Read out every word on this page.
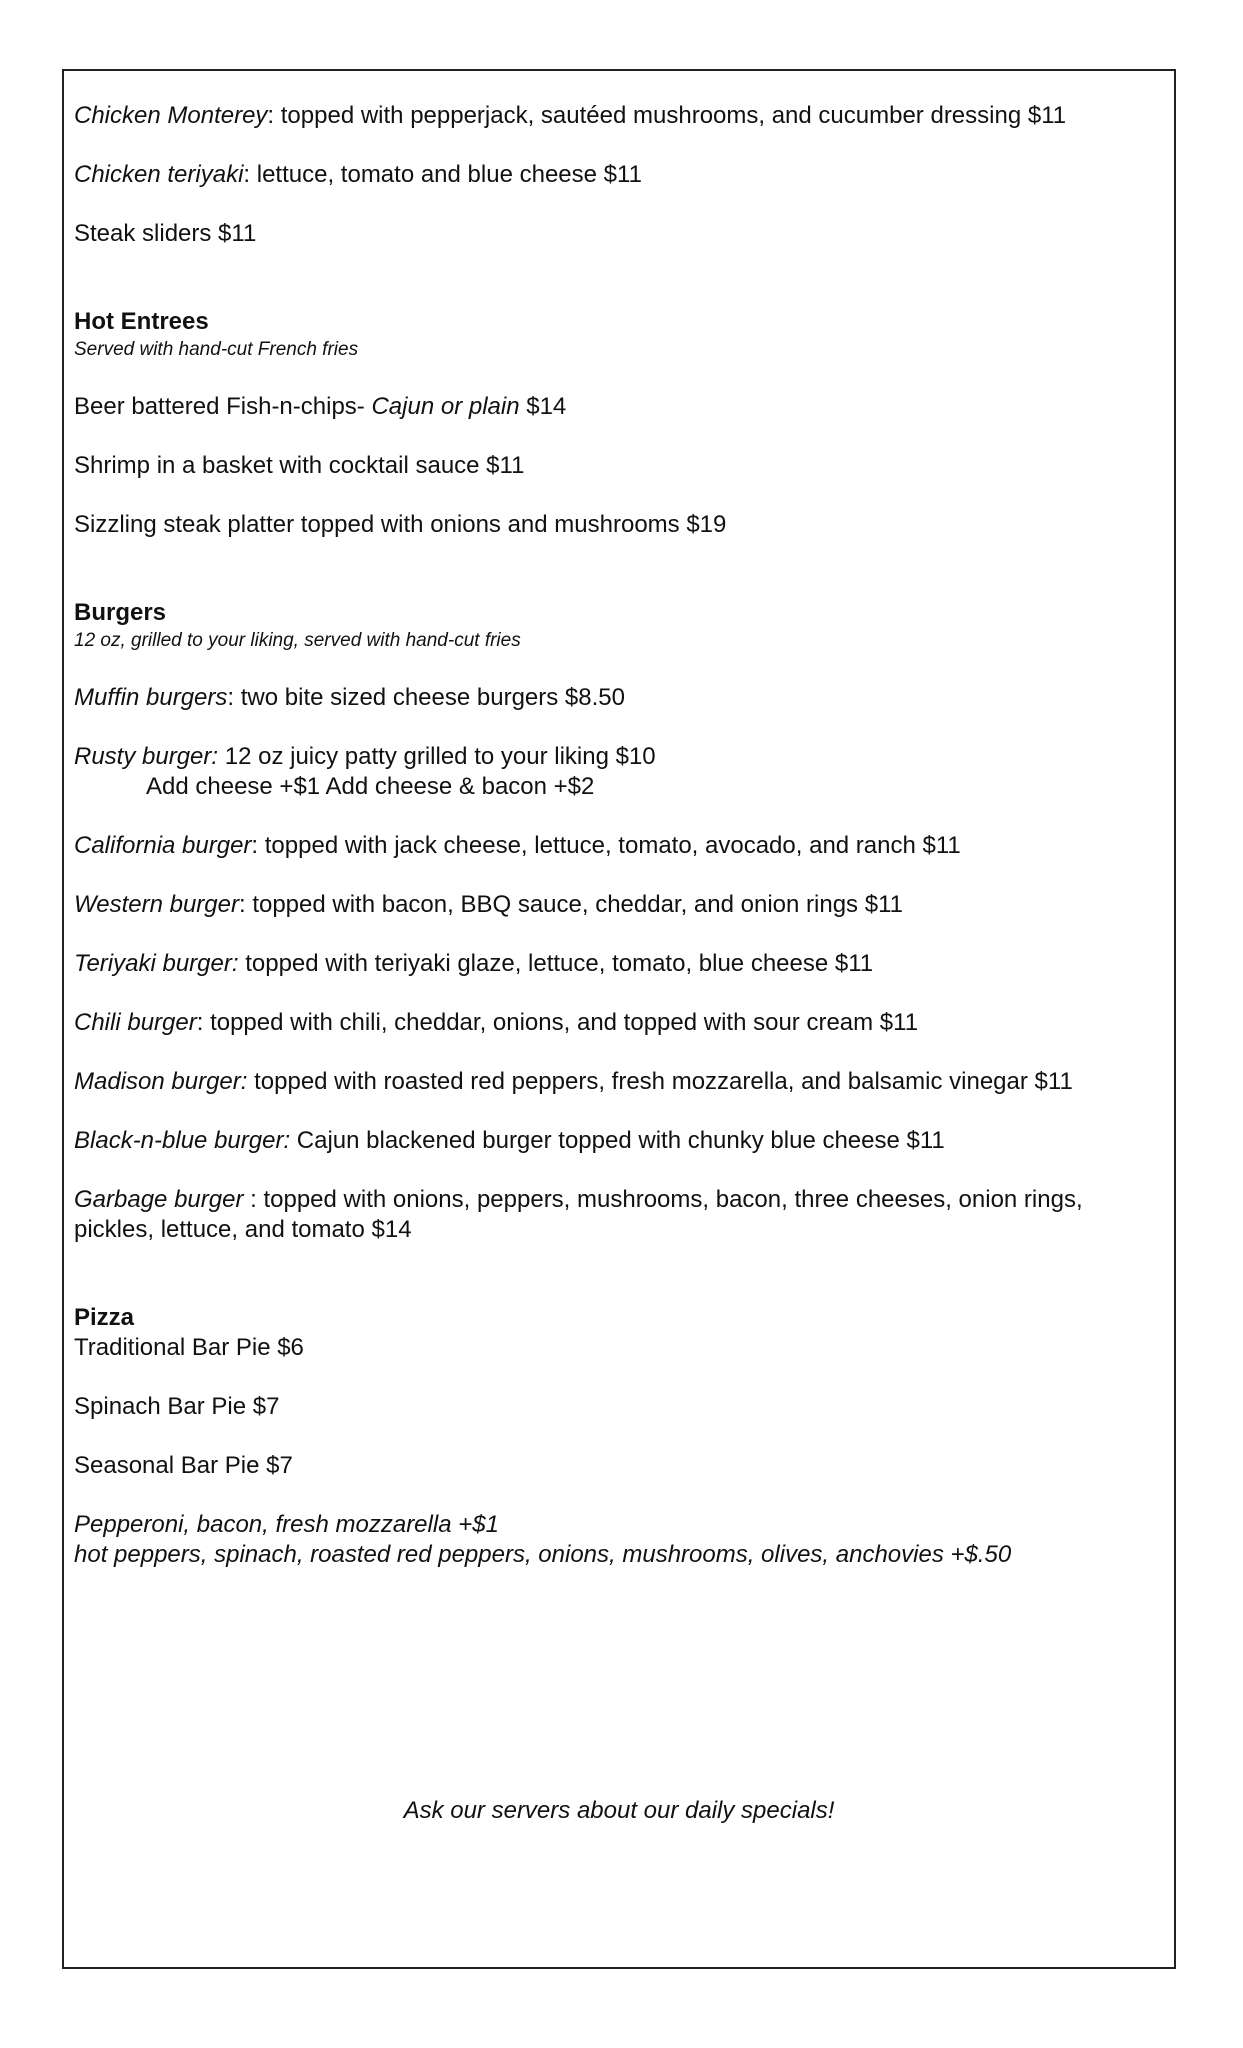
Chicken Monterey: topped with pepperjack, sautéed mushrooms, and cucumber dressing $11
Chicken teriyaki: lettuce, tomato and blue cheese $11
Steak sliders $11
Hot Entrees
Served with hand-cut French fries
Beer battered Fish-n-chips- Cajun or plain $14
Shrimp in a basket with cocktail sauce $11
Sizzling steak platter topped with onions and mushrooms $19
Burgers
12 oz, grilled to your liking, served with hand-cut fries
Muffin burgers: two bite sized cheese burgers $8.50
Rusty burger: 12 oz juicy patty grilled to your liking $10
Add cheese +$1 Add cheese & bacon +$2
California burger: topped with jack cheese, lettuce, tomato, avocado, and ranch $11
Western burger: topped with bacon, BBQ sauce, cheddar, and onion rings $11
Teriyaki burger: topped with teriyaki glaze, lettuce, tomato, blue cheese $11
Chili burger: topped with chili, cheddar, onions, and topped with sour cream $11
Madison burger: topped with roasted red peppers, fresh mozzarella, and balsamic vinegar $11
Black-n-blue burger: Cajun blackened burger topped with chunky blue cheese $11
Garbage burger : topped with onions, peppers, mushrooms, bacon, three cheeses, onion rings, pickles, lettuce, and tomato $14
Pizza
Traditional Bar Pie $6
Spinach Bar Pie $7
Seasonal Bar Pie $7
Pepperoni, bacon, fresh mozzarella +$1
hot peppers, spinach, roasted red peppers, onions, mushrooms, olives, anchovies +$.50
Ask our servers about our daily specials!
